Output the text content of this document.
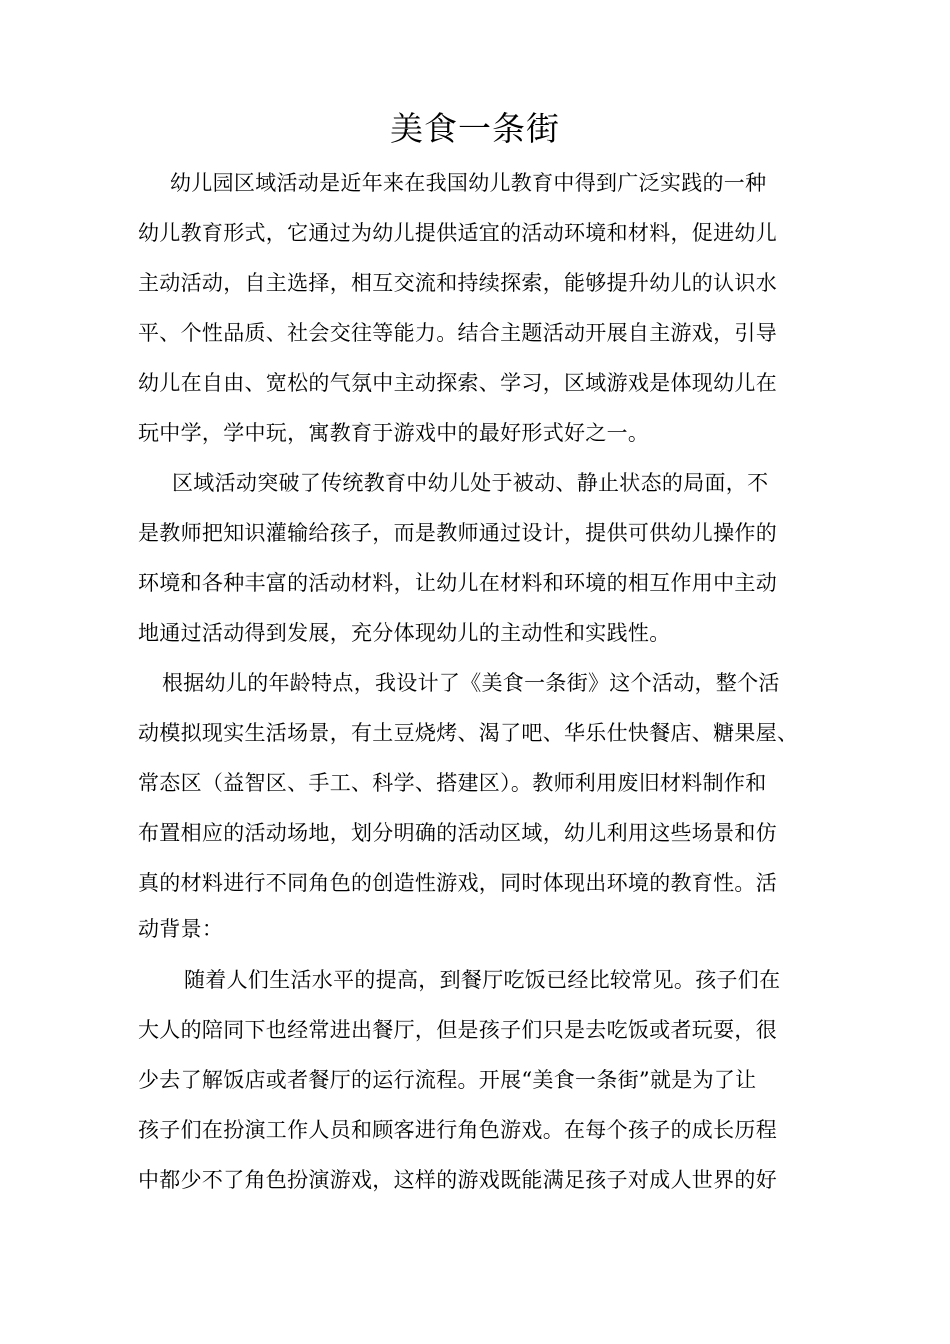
美食一条街
幼儿园区域活动是近年来在我国幼儿教育中得到广泛实践的一种
幼儿教育形式，它通过为幼儿提供适宜的活动环境和材料，促进幼儿
主动活动，自主选择，相互交流和持续探索，能够提升幼儿的认识水
平、个性品质、社会交往等能力。结合主题活动开展自主游戏，引导
幼儿在自由、宽松的气氛中主动探索、学习，区域游戏是体现幼儿在
玩中学，学中玩，寓教育于游戏中的最好形式好之一。
区域活动突破了传统教育中幼儿处于被动、静止状态的局面，不
是教师把知识灌输给孩子，而是教师通过设计，提供可供幼儿操作的
环境和各种丰富的活动材料，让幼儿在材料和环境的相互作用中主动
地通过活动得到发展，充分体现幼儿的主动性和实践性。
根据幼儿的年龄特点，我设计了《美食一条街》这个活动，整个活
动模拟现实生活场景，有土豆烧烤、渴了吧、华乐仕快餐店、糖果屋、
常态区（益智区、手工、科学、搭建区）。教师利用废旧材料制作和
布置相应的活动场地，划分明确的活动区域，幼儿利用这些场景和仿
真的材料进行不同角色的创造性游戏，同时体现出环境的教育性。活
动背景：
随着人们生活水平的提高，到餐厅吃饭已经比较常见。孩子们在
大人的陪同下也经常进出餐厅，但是孩子们只是去吃饭或者玩耍，很
少去了解饭店或者餐厅的运行流程。开展“美食一条街”就是为了让
孩子们在扮演工作人员和顾客进行角色游戏。在每个孩子的成长历程
中都少不了角色扮演游戏，这样的游戏既能满足孩子对成人世界的好
